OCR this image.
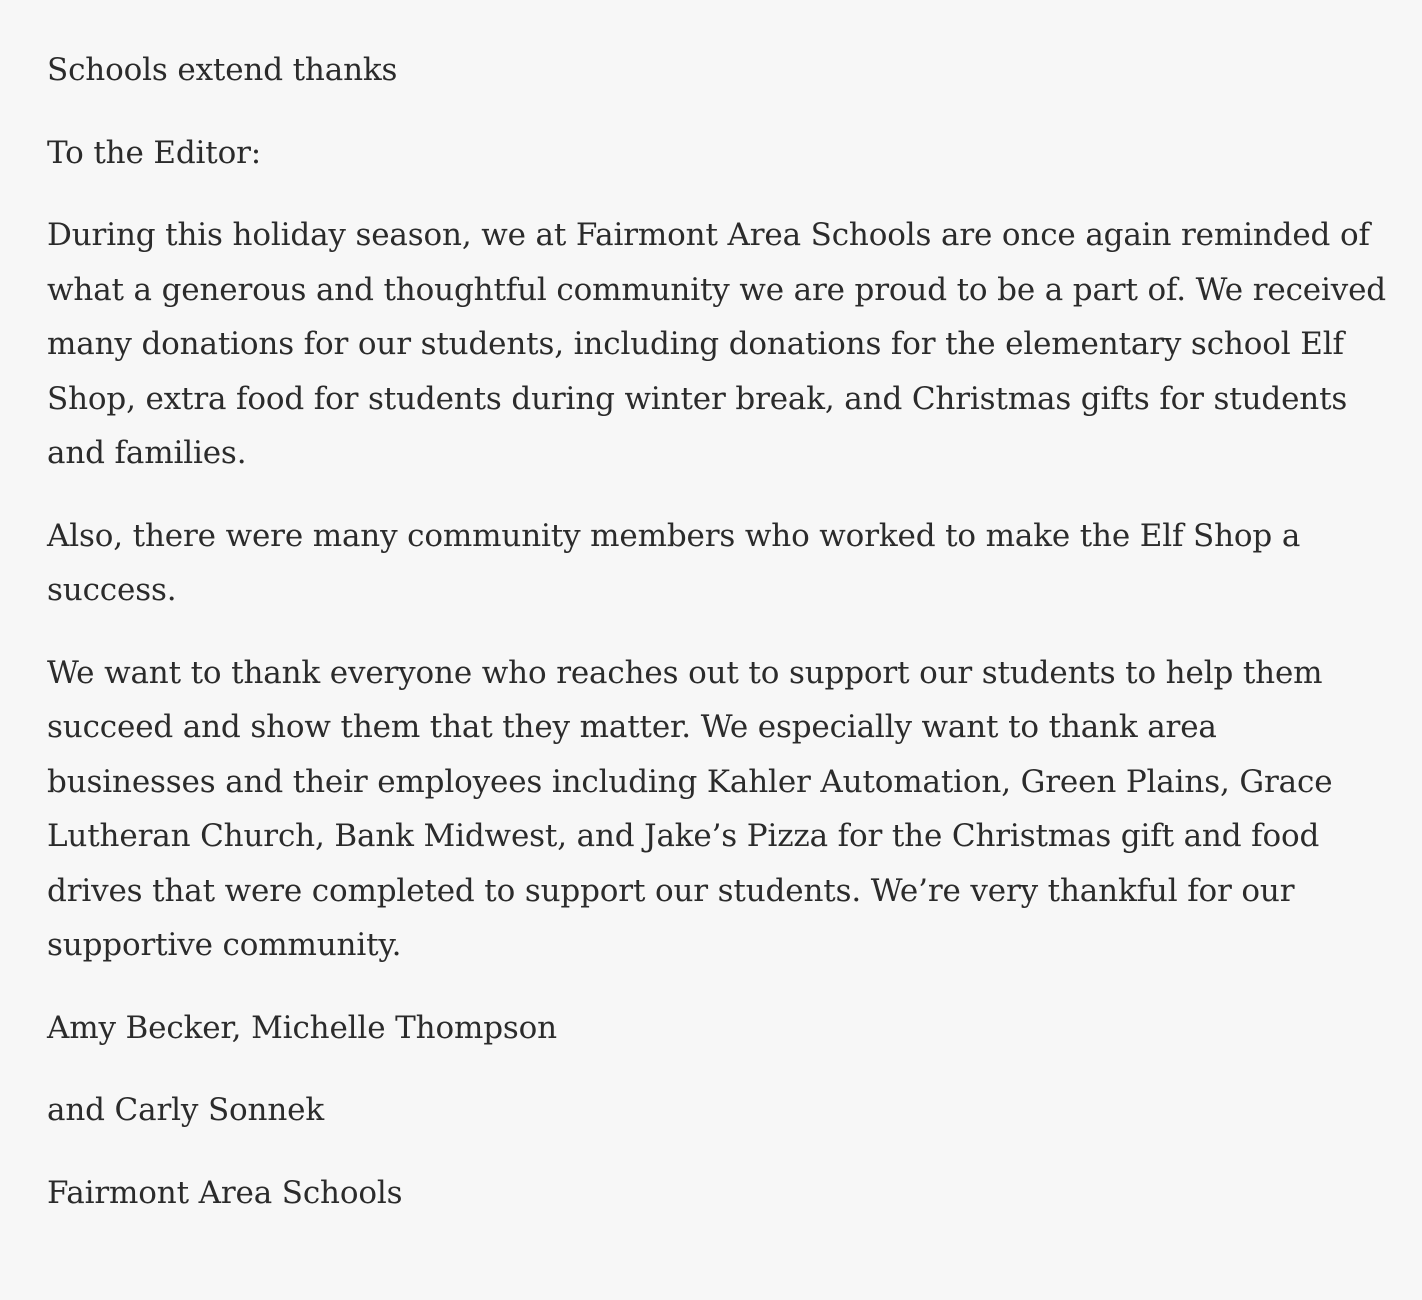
Schools extend thanks

To the Editor:

During this holiday season, we at Fairmont Area Schools are once again reminded of what a generous and thoughtful community we are proud to be a part of. We received many donations for our students, including donations for the elementary school Elf Shop, extra food for students during winter break, and Christmas gifts for students and families.

Also, there were many community members who worked to make the Elf Shop a success.

We want to thank everyone who reaches out to support our students to help them succeed and show them that they matter. We especially want to thank area businesses and their employees including Kahler Automation, Green Plains, Grace Lutheran Church, Bank Midwest, and Jake’s Pizza for the Christmas gift and food drives that were completed to support our students. We’re very thankful for our supportive community.

Amy Becker, Michelle Thompson

and Carly Sonnek

Fairmont Area Schools
